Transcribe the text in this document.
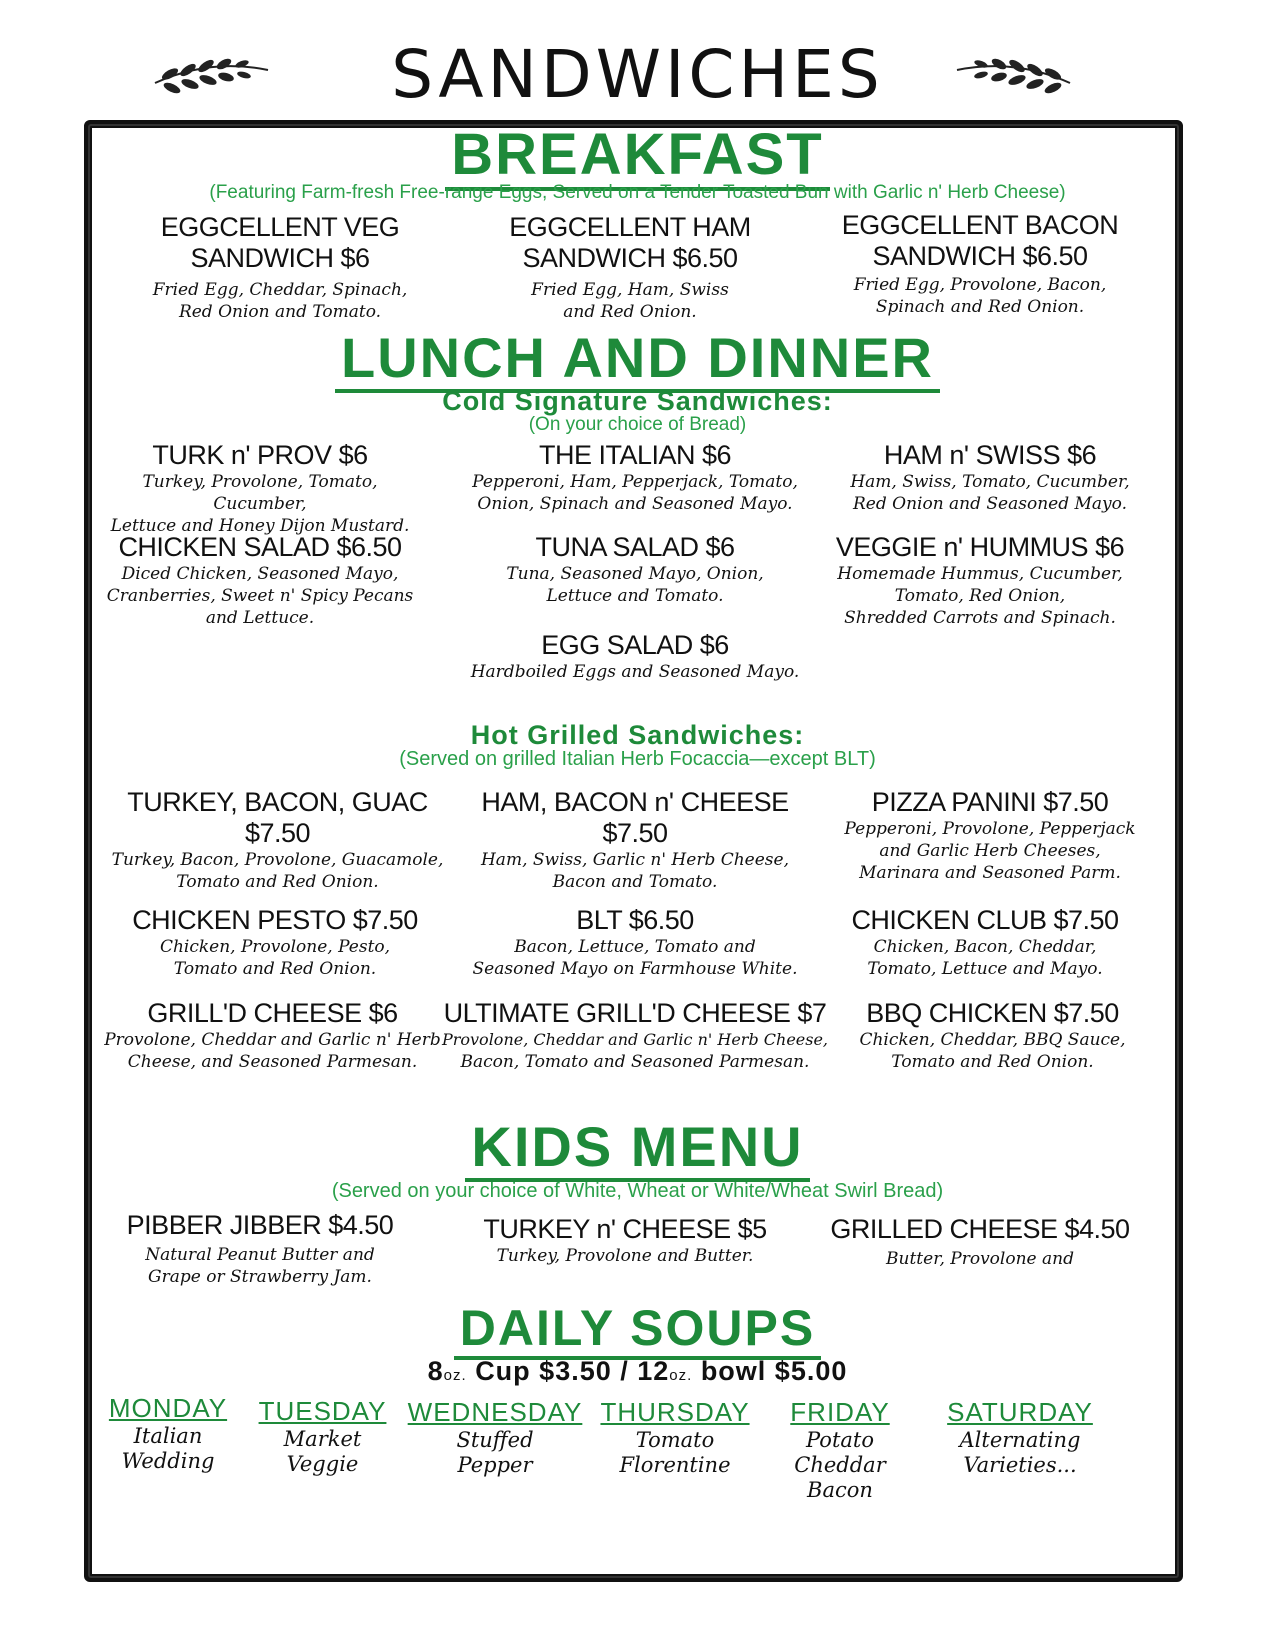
SANDWICHES
BREAKFAST

(Featuring Farm-fresh Free-range Eggs, Served on a Tender Toasted Bun with Garlic n' Herb Cheese)

EGGCELLENT VEG
SANDWICH $6
Fried Egg, Cheddar, Spinach,
Red Onion and Tomato.
EGGCELLENT HAM
SANDWICH $6.50
Fried Egg, Ham, Swiss
and Red Onion.
EGGCELLENT BACON
SANDWICH $6.50
Fried Egg, Provolone, Bacon,
Spinach and Red Onion.
LUNCH AND DINNER

Cold Signature Sandwiches:

(On your choice of Bread)

TURK n' PROV $6
Turkey, Provolone, Tomato, Cucumber,
Lettuce and Honey Dijon Mustard.
THE ITALIAN $6
Pepperoni, Ham, Pepperjack, Tomato,
Onion, Spinach and Seasoned Mayo.
HAM n' SWISS $6
Ham, Swiss, Tomato, Cucumber,
Red Onion and Seasoned Mayo.
CHICKEN SALAD $6.50
Diced Chicken, Seasoned Mayo,
Cranberries, Sweet n' Spicy Pecans
and Lettuce.
TUNA SALAD $6
Tuna, Seasoned Mayo, Onion,
Lettuce and Tomato.
VEGGIE n' HUMMUS $6
Homemade Hummus, Cucumber,
Tomato, Red Onion,
Shredded Carrots and Spinach.
EGG SALAD $6
Hardboiled Eggs and Seasoned Mayo.

Hot Grilled Sandwiches:

(Served on grilled Italian Herb Focaccia—except BLT)

TURKEY, BACON, GUAC
$7.50
Turkey, Bacon, Provolone, Guacamole,
Tomato and Red Onion.
HAM, BACON n' CHEESE
$7.50
Ham, Swiss, Garlic n' Herb Cheese,
Bacon and Tomato.
PIZZA PANINI $7.50
Pepperoni, Provolone, Pepperjack
and Garlic Herb Cheeses,
Marinara and Seasoned Parm.
CHICKEN PESTO $7.50
Chicken, Provolone, Pesto,
Tomato and Red Onion.
BLT $6.50
Bacon, Lettuce, Tomato and
Seasoned Mayo on Farmhouse White.
CHICKEN CLUB $7.50
Chicken, Bacon, Cheddar,
Tomato, Lettuce and Mayo.
GRILL'D CHEESE $6
Provolone, Cheddar and Garlic n' Herb
Cheese, and Seasoned Parmesan.
ULTIMATE GRILL'D CHEESE $7
Provolone, Cheddar and Garlic n' Herb Cheese,
Bacon, Tomato and Seasoned Parmesan.
BBQ CHICKEN $7.50
Chicken, Cheddar, BBQ Sauce,
Tomato and Red Onion.
KIDS MENU

(Served on your choice of White, Wheat or White/Wheat Swirl Bread)

PIBBER JIBBER $4.50
Natural Peanut Butter and
Grape or Strawberry Jam.
TURKEY n' CHEESE $5
Turkey, Provolone and Butter.
GRILLED CHEESE $4.50
Butter, Provolone and
DAILY SOUPS

8oz. Cup $3.50 / 12oz. bowl $5.00

MONDAY
Italian
Wedding
TUESDAY
Market
Veggie
WEDNESDAY
Stuffed
Pepper
THURSDAY
Tomato
Florentine
FRIDAY
Potato
Cheddar
Bacon
SATURDAY
Alternating
Varieties...
